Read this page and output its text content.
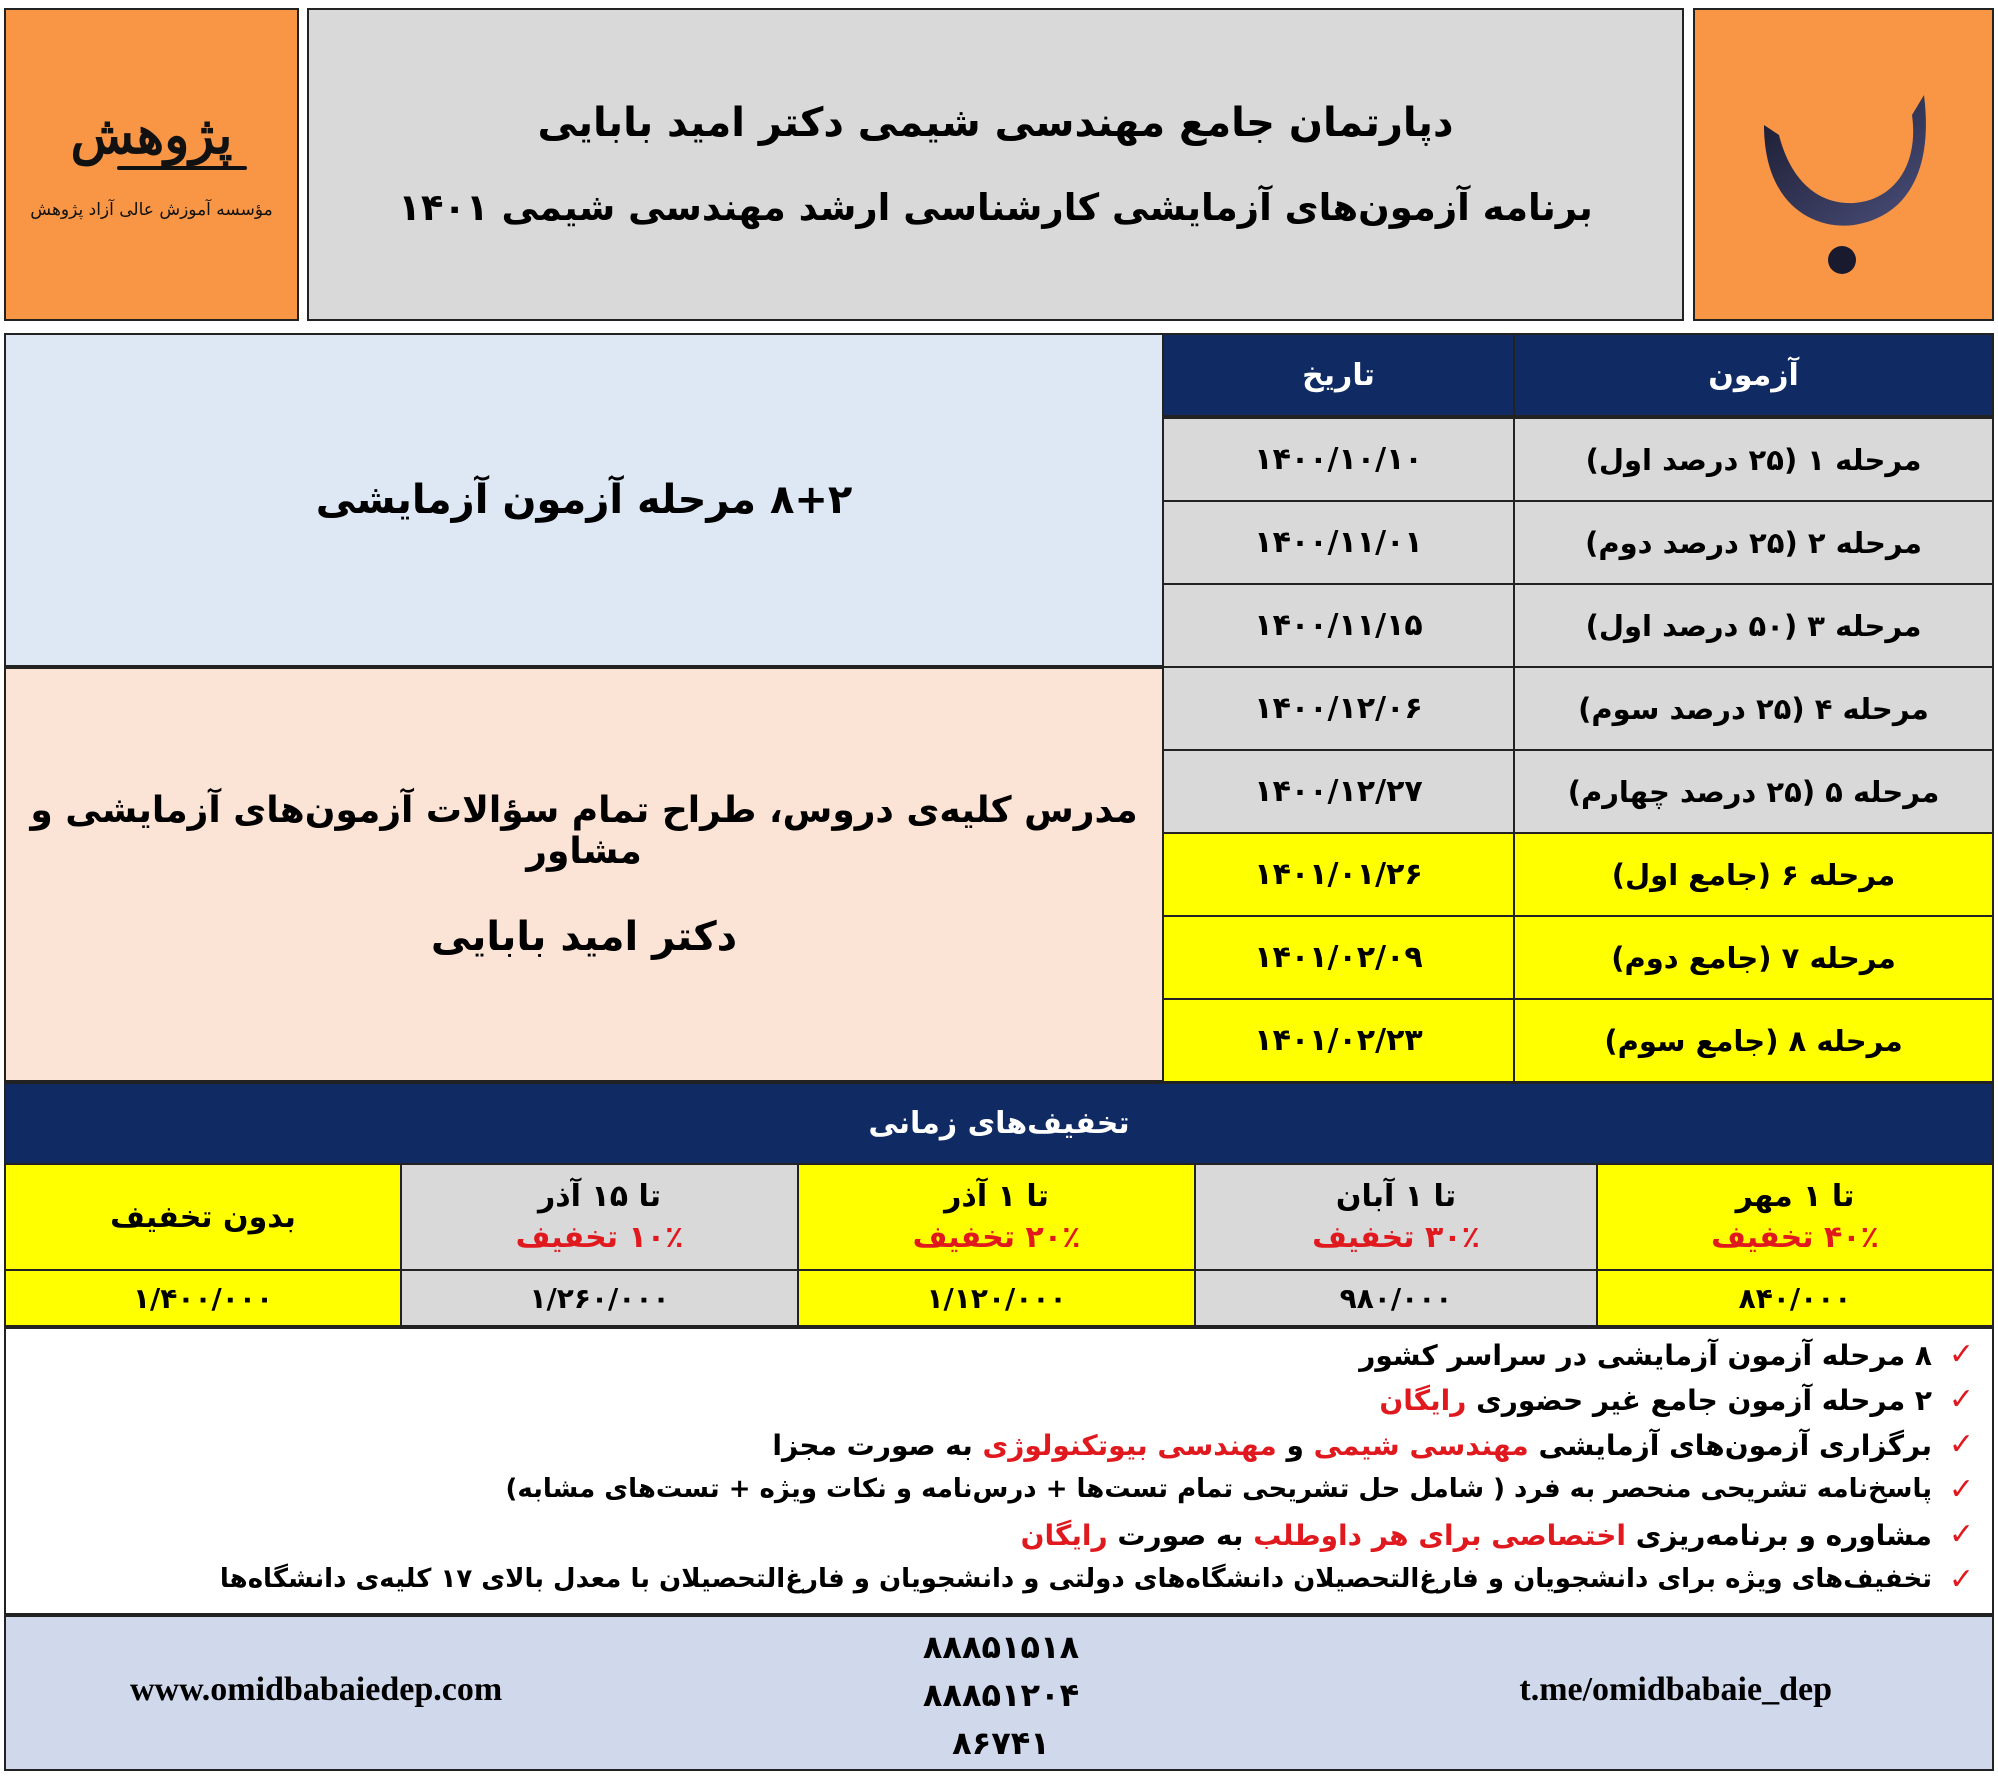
پژوهش
مؤسسه آموزش عالی آزاد پژوهش
دپارتمان جامع مهندسی شیمی دکتر امید بابایی
برنامه آزمون‌های آزمایشی کارشناسی ارشد مهندسی شیمی ۱۴۰۱
۸+۲ مرحله آزمون آزمایشی
مدرس کلیه‌ی دروس، طراح تمام سؤالات آزمون‌های آزمایشی و مشاور
دکتر امید بابایی
آزمون
تاریخ
مرحله ۱ (۲۵ درصد اول)
۱۴۰۰/۱۰/۱۰
مرحله ۲ (۲۵ درصد دوم)
۱۴۰۰/۱۱/۰۱
مرحله ۳ (۵۰ درصد اول)
۱۴۰۰/۱۱/۱۵
مرحله ۴ (۲۵ درصد سوم)
۱۴۰۰/۱۲/۰۶
مرحله ۵ (۲۵ درصد چهارم)
۱۴۰۰/۱۲/۲۷
مرحله ۶ (جامع اول)
۱۴۰۱/۰۱/۲۶
مرحله ۷ (جامع دوم)
۱۴۰۱/۰۲/۰۹
مرحله ۸ (جامع سوم)
۱۴۰۱/۰۲/۲۳
تخفیف‌های زمانی
تا ۱ مهر
۴۰٪ تخفیف
تا ۱ آبان
۳۰٪ تخفیف
تا ۱ آذر
۲۰٪ تخفیف
تا ۱۵ آذر
۱۰٪ تخفیف
بدون تخفیف
۸۴۰/۰۰۰
۹۸۰/۰۰۰
۱/۱۲۰/۰۰۰
۱/۲۶۰/۰۰۰
۱/۴۰۰/۰۰۰
✓
۸ مرحله آزمون آزمایشی در سراسر کشور
✓
۲ مرحله آزمون جامع غیر حضوری رایگان
✓
برگزاری آزمون‌های آزمایشی مهندسی شیمی و مهندسی بیوتکنولوژی به صورت مجزا
✓
پاسخ‌نامه تشریحی منحصر به فرد ( شامل حل تشریحی تمام تست‌ها + درس‌نامه و نکات ویژه + تست‌های مشابه)
✓
مشاوره و برنامه‌ریزی اختصاصی برای هر داوطلب به صورت رایگان
✓
تخفیف‌های ویژه برای دانشجویان و فارغ‌التحصیلان دانشگاه‌های دولتی و دانشجویان و فارغ‌التحصیلان با معدل بالای ۱۷ کلیه‌ی دانشگاه‌ها
t.me/omidbabaie_dep
۸۸۸۵۱۵۱۸
۸۸۸۵۱۲۰۴
۸۶۷۴۱
www.omidbabaiedep.com
